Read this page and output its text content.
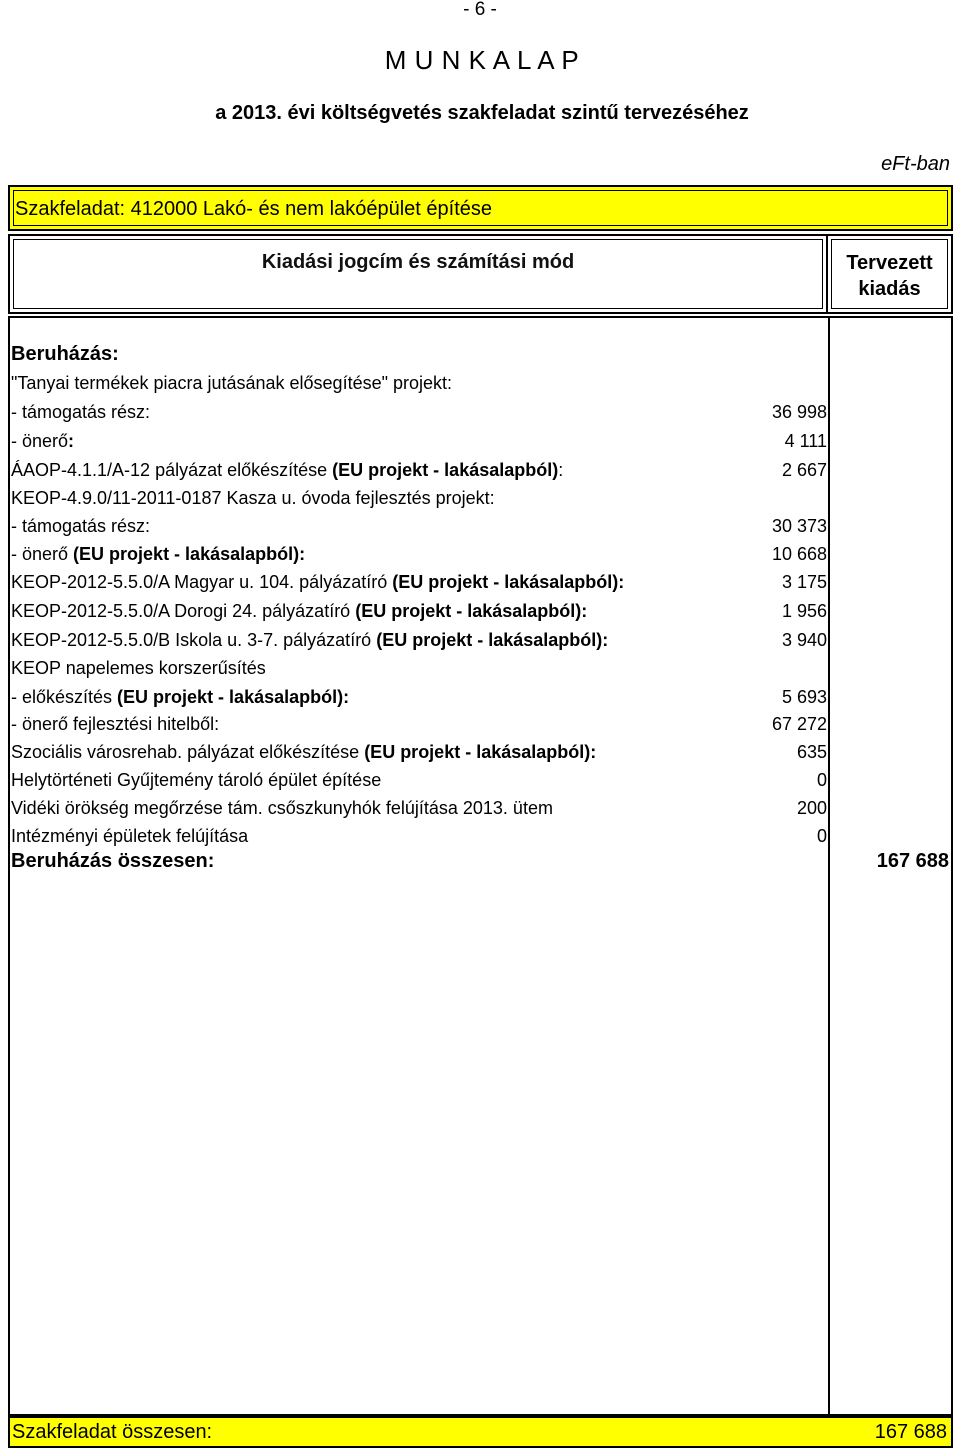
- 6 -
M U N K A L A P
a 2013. évi költségvetés szakfeladat szintű tervezéséhez
eFt-ban
Szakfeladat: 412000 Lakó- és nem lakóépület építése
Kiadási jogcím és számítási mód	Tervezett
kiadás
Beruházás:
"Tanyai termékek piacra jutásának elősegítése" projekt:
- támogatás rész:	36 998
- önerő:	4 111
ÁAOP-4.1.1/A-12 pályázat előkészítése (EU projekt - lakásalapból):	2 667
KEOP-4.9.0/11-2011-0187 Kasza u. óvoda fejlesztés projekt:
- támogatás rész:	30 373
- önerő (EU projekt - lakásalapból):	10 668
KEOP-2012-5.5.0/A Magyar u. 104. pályázatíró (EU projekt - lakásalapból):	3 175
KEOP-2012-5.5.0/A Dorogi 24. pályázatíró (EU projekt - lakásalapból):	1 956
KEOP-2012-5.5.0/B Iskola u. 3-7. pályázatíró (EU projekt - lakásalapból):	3 940
KEOP napelemes korszerűsítés
- előkészítés (EU projekt - lakásalapból):	5 693
- önerő fejlesztési hitelből:	67 272
Szociális városrehab. pályázat előkészítése (EU projekt - lakásalapból):	635
Helytörténeti Gyűjtemény tároló épület építése	0
Vidéki örökség megőrzése tám. csőszkunyhók felújítása 2013. ütem	200
Intézményi épületek felújítása	0
Beruházás összesen:	167 688
Szakfeladat összesen:	167 688
